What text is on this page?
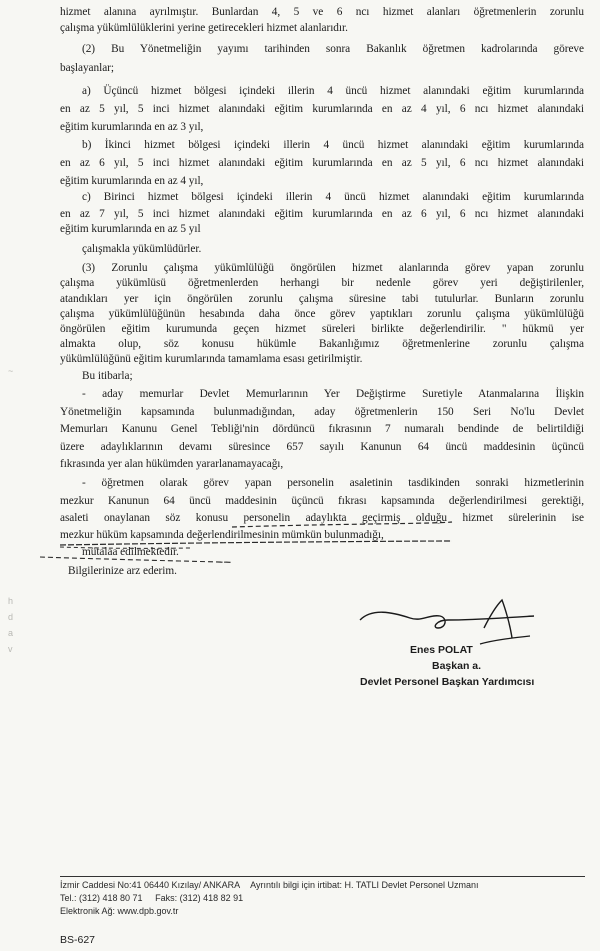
hizmet alanına ayrılmıştır. Bunlardan 4, 5 ve 6 ncı hizmet alanları öğretmenlerin zorunlu
çalışma yükümlülüklerini yerine getirecekleri hizmet alanlarıdır.
(2) Bu Yönetmeliğin yayımı tarihinden sonra Bakanlık öğretmen kadrolarında göreve
başlayanlar;
a) Üçüncü hizmet bölgesi içindeki illerin 4 üncü hizmet alanındaki eğitim kurumlarında
en az 5 yıl, 5 inci hizmet alanındaki eğitim kurumlarında en az 4 yıl, 6 ncı hizmet alanındaki
eğitim kurumlarında en az 3 yıl,
b) İkinci hizmet bölgesi içindeki illerin 4 üncü hizmet alanındaki eğitim kurumlarında
en az 6 yıl, 5 inci hizmet alanındaki eğitim kurumlarında en az 5 yıl, 6 ncı hizmet alanındaki
eğitim kurumlarında en az 4 yıl,
c) Birinci hizmet bölgesi içindeki illerin 4 üncü hizmet alanındaki eğitim kurumlarında
en az 7 yıl, 5 inci hizmet alanındaki eğitim kurumlarında en az 6 yıl, 6 ncı hizmet alanındaki
eğitim kurumlarında en az 5 yıl
çalışmakla yükümlüdürler.
(3) Zorunlu çalışma yükümlülüğü öngörülen hizmet alanlarında görev yapan zorunlu
çalışma yükümlüsü öğretmenlerden herhangi bir nedenle görev yeri değiştirilenler,
atandıkları yer için öngörülen zorunlu çalışma süresine tabi tutulurlar. Bunların zorunlu
çalışma yükümlülüğünün hesabında daha önce görev yaptıkları zorunlu çalışma yükümlülüğü
öngörülen eğitim kurumunda geçen hizmet süreleri birlikte değerlendirilir. " hükmü yer
almakta olup, söz konusu hükümle Bakanlığımız öğretmenlerine zorunlu çalışma
yükümlülüğünü eğitim kurumlarında tamamlama esası getirilmiştir.
Bu itibarla;
- aday memurlar Devlet Memurlarının Yer Değiştirme Suretiyle Atanmalarına İlişkin
Yönetmeliğin kapsamında bulunmadığından, aday öğretmenlerin 150 Seri No'lu Devlet
Memurları Kanunu Genel Tebliği'nin dördüncü fıkrasının 7 numaralı bendinde de belirtildiği
üzere adaylıklarının devamı süresince 657 sayılı Kanunun 64 üncü maddesinin üçüncü
fıkrasında yer alan hükümden yararlanamayacağı,
- öğretmen olarak görev yapan personelin asaletinin tasdikinden sonraki hizmetlerinin
mezkur Kanunun 64 üncü maddesinin üçüncü fıkrası kapsamında değerlendirilmesi gerektiği,
asaleti onaylanan söz konusu personelin adaylıkta geçirmiş olduğu hizmet sürelerinin ise
mezkur hüküm kapsamında değerlendirilmesinin mümkün bulunmadığı,
mütalaa edilmektedir.
Bilgilerinize arz ederim.
~
h
d
a
v	Enes POLAT
Başkan a.
Devlet Personel Başkan Yardımcısı
İzmir Caddesi No:41 06440 Kızılay/ ANKARA Ayrıntılı bilgi için irtibat: H. TATLI Devlet Personel Uzmanı
Tel.: (312) 418 80 71 Faks: (312) 418 82 91
Elektronik Ağ: www.dpb.gov.tr
BS-627
